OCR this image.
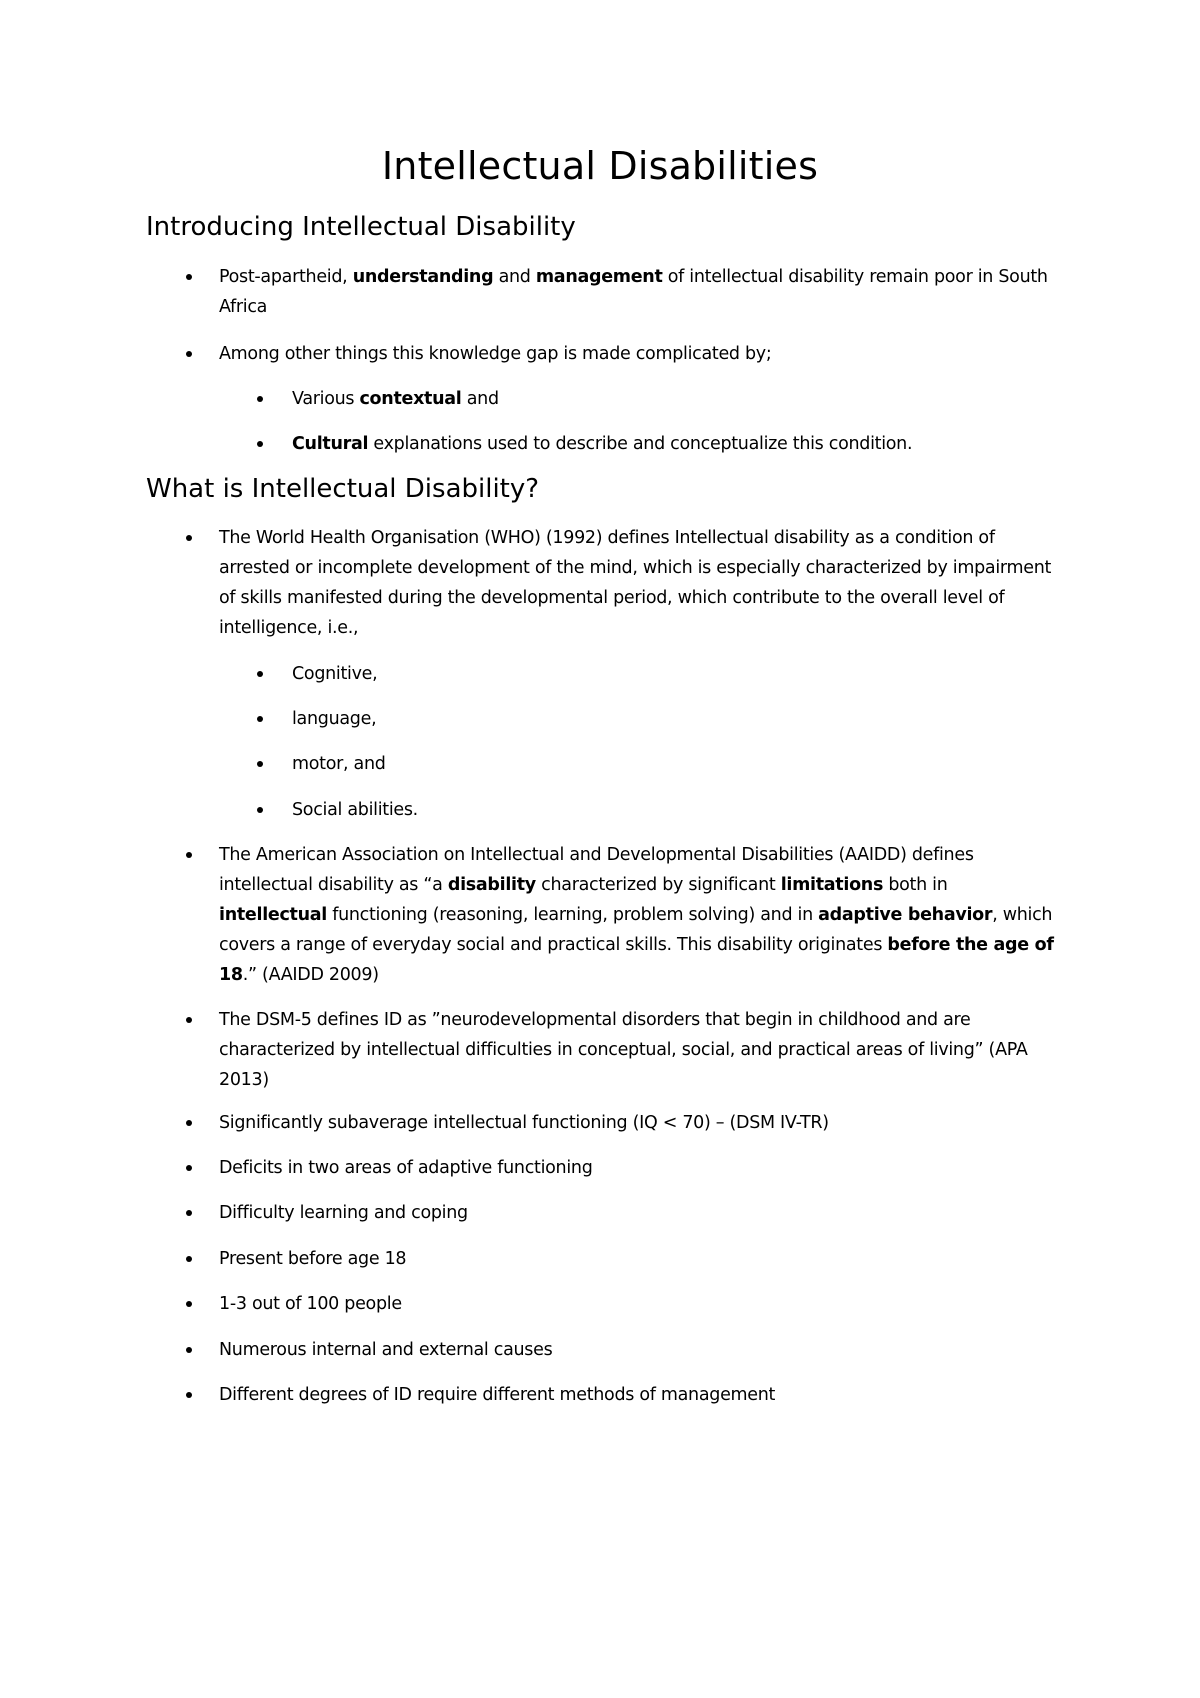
Intellectual Disabilities
Introducing Intellectual Disability
Post-apartheid, understanding and management of intellectual disability remain poor in South Africa
Among other things this knowledge gap is made complicated by;
Various contextual and
Cultural explanations used to describe and conceptualize this condition.
What is Intellectual Disability?
The World Health Organisation (WHO) (1992) defines Intellectual disability as a condition of arrested or incomplete development of the mind, which is especially characterized by impairment of skills manifested during the developmental period, which contribute to the overall level of intelligence, i.e.,
Cognitive,
language,
motor, and
Social abilities.
The American Association on Intellectual and Developmental Disabilities (AAIDD) defines intellectual disability as “a disability characterized by significant limitations both in intellectual functioning (reasoning, learning, problem solving) and in adaptive behavior, which covers a range of everyday social and practical skills. This disability originates before the age of 18.” (AAIDD 2009)
The DSM-5 defines ID as ”neurodevelopmental disorders that begin in childhood and are characterized by intellectual difficulties in conceptual, social, and practical areas of living” (APA 2013)
Significantly subaverage intellectual functioning (IQ < 70) – (DSM IV-TR)
Deficits in two areas of adaptive functioning
Difficulty learning and coping
Present before age 18
1-3 out of 100 people
Numerous internal and external causes
Different degrees of ID require different methods of management
